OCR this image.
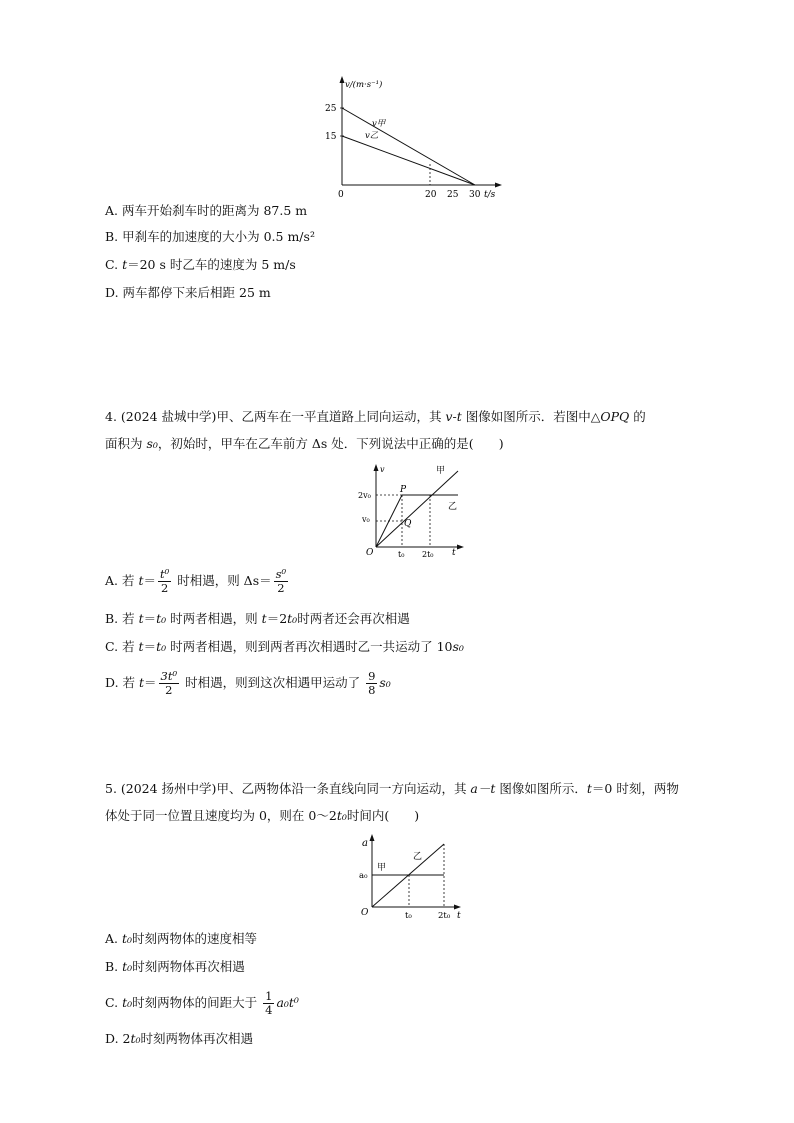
v/(m·s⁻¹)
25
15
0	20 25 30 t/s
v甲
v乙
A. 两车开始刹车时的距离为 87.5 m
B. 甲刹车的加速度的大小为 0.5 m/s²
C. t＝20 s 时乙车的速度为 5 m/s
D. 两车都停下来后相距 25 m
4. (2024 盐城中学)甲、乙两车在一平直道路上同向运动，其 v-t 图像如图所示．若图中△OPQ 的
面积为 s₀，初始时，甲车在乙车前方 Δs 处．下列说法中正确的是(　　)
v
t
O
2v₀
v₀
t₀ 2t₀
P
Q
甲
乙
A. 若 $t= \frac{\text{t⁰}}{2}$ 时相遇，则 $\Delta s= \frac{\text{s⁰}}{2}$
B. 若 t＝t₀ 时两者相遇，则 t＝2t₀时两者还会再次相遇
C. 若 t＝t₀ 时两者相遇，则到两者再次相遇时乙一共运动了 10s₀
D. 若 $t= \frac{\text{3t⁰}}{2}$ 时相遇，则到这次相遇甲运动了 $\frac{9}{8} s_0$
5. (2024 扬州中学)甲、乙两物体沿一条直线向同一方向运动，其 a－t 图像如图所示．t＝0 时刻，两物
体处于同一位置且速度均为 0，则在 0～2t₀时间内(　　)
a
t
O
a₀
t₀	2t₀
甲
乙
A. t₀时刻两物体的速度相等
B. t₀时刻两物体再次相遇
C. t₀时刻两物体的间距大于 $\frac{1}{4} a_0t^0$
D. 2t₀时刻两物体再次相遇
